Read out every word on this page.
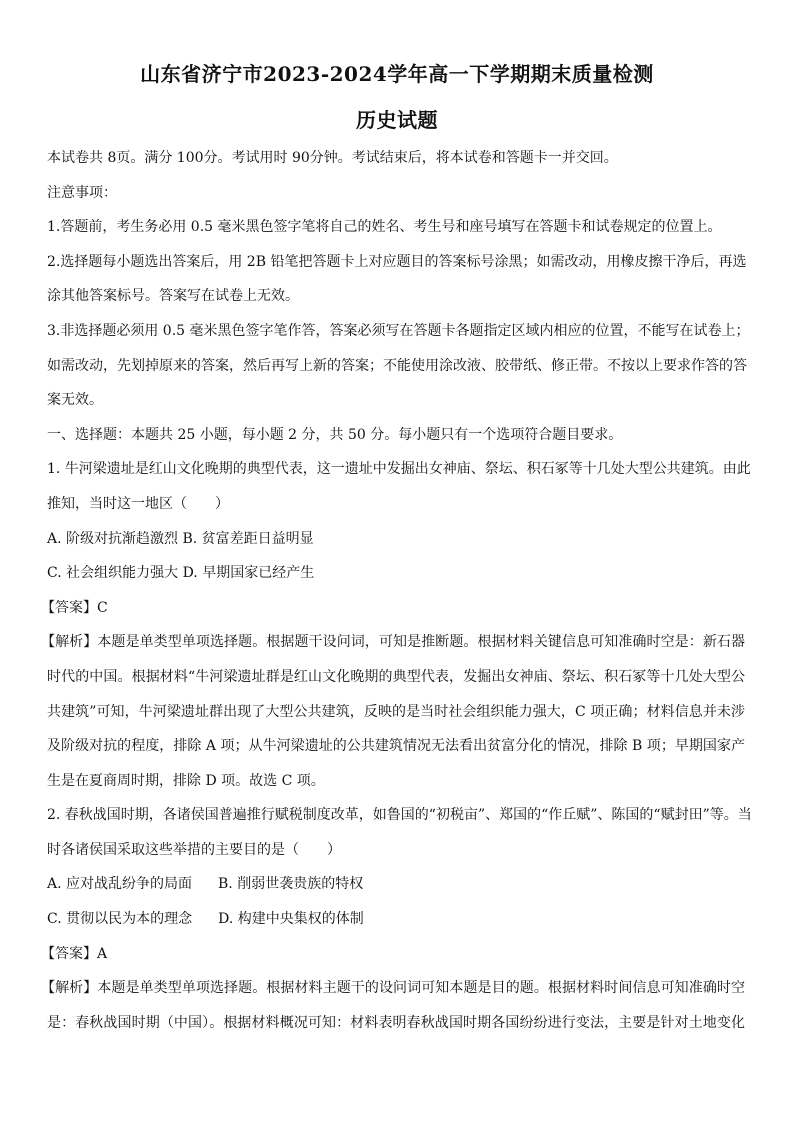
山东省济宁市2023-2024学年高一下学期期末质量检测
历史试题
本试卷共 8页。满分 100分。考试用时 90分钟。考试结束后，将本试卷和答题卡一并交回。
注意事项：
1.答题前，考生务必用 0.5 毫米黑色签字笔将自己的姓名、考生号和座号填写在答题卡和试卷规定的位置上。
2.选择题每小题选出答案后，用 2B 铅笔把答题卡上对应题目的答案标号涂黑；如需改动，用橡皮擦干净后，再选
涂其他答案标号。答案写在试卷上无效。
3.非选择题必须用 0.5 毫米黑色签字笔作答，答案必须写在答题卡各题指定区域内相应的位置，不能写在试卷上；
如需改动，先划掉原来的答案，然后再写上新的答案；不能使用涂改液、胶带纸、修正带。不按以上要求作答的答
案无效。
一、选择题：本题共 25 小题，每小题 2 分，共 50 分。每小题只有一个选项符合题目要求。
1. 牛河梁遗址是红山文化晚期的典型代表，这一遗址中发掘出女神庙、祭坛、积石冢等十几处大型公共建筑。由此
推知，当时这一地区（　　）
A. 阶级对抗渐趋激烈 B. 贫富差距日益明显
C. 社会组织能力强大 D. 早期国家已经产生
【答案】C
【解析】本题是单类型单项选择题。根据题干设问词，可知是推断题。根据材料关键信息可知准确时空是：新石器
时代的中国。根据材料“牛河梁遗址群是红山文化晚期的典型代表，发掘出女神庙、祭坛、积石冢等十几处大型公
共建筑”可知，牛河梁遗址群出现了大型公共建筑，反映的是当时社会组织能力强大，C 项正确；材料信息并未涉
及阶级对抗的程度，排除 A 项；从牛河梁遗址的公共建筑情况无法看出贫富分化的情况，排除 B 项；早期国家产
生是在夏商周时期，排除 D 项。故选 C 项。
2. 春秋战国时期，各诸侯国普遍推行赋税制度改革，如鲁国的“初税亩”、郑国的“作丘赋”、陈国的“赋封田”等。当
时各诸侯国采取这些举措的主要目的是（　　）
A. 应对战乱纷争的局面 B. 削弱世袭贵族的特权
C. 贯彻以民为本的理念 D. 构建中央集权的体制
【答案】A
【解析】本题是单类型单项选择题。根据材料主题干的设问词可知本题是目的题。根据材料时间信息可知准确时空
是：春秋战国时期（中国）。根据材料概况可知：材料表明春秋战国时期各国纷纷进行变法，主要是针对土地变化
